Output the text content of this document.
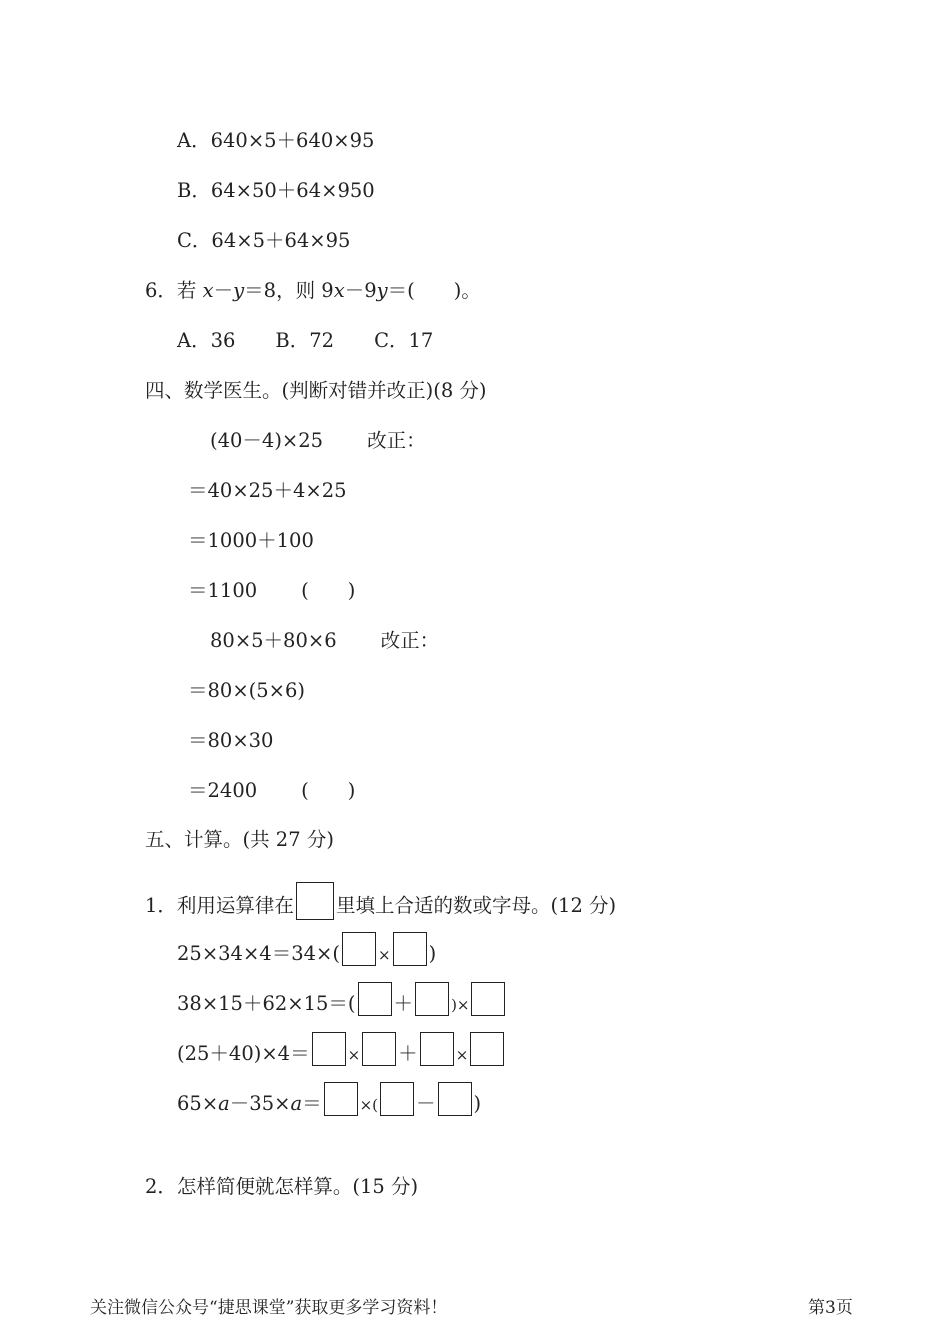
A．640×5＋640×95
B．64×50＋64×950
C．64×5＋64×95
6．若 x－y＝8，则 9x－9y＝(　　)。
A．36 B．72 C．17
四、数学医生。(判断对错并改正)(8 分)
(40－4)×25 改正：
＝40×25＋4×25
＝1000＋100
＝1100 (　　)
80×5＋80×6 改正：
＝80×(5×6)
＝80×30
＝2400 (　　)
五、计算。(共 27 分)
1．利用运算律在 里填上合适的数或字母。(12 分)
25×34×4＝34×(	× )
38×15＋62×15＝( ＋	)×
(25＋40)×4＝	× ＋	×
65×a－35×a＝	×( － )
2．怎样简便就怎样算。(15 分)
关注微信公众号“捷思课堂”获取更多学习资料！	第3页
